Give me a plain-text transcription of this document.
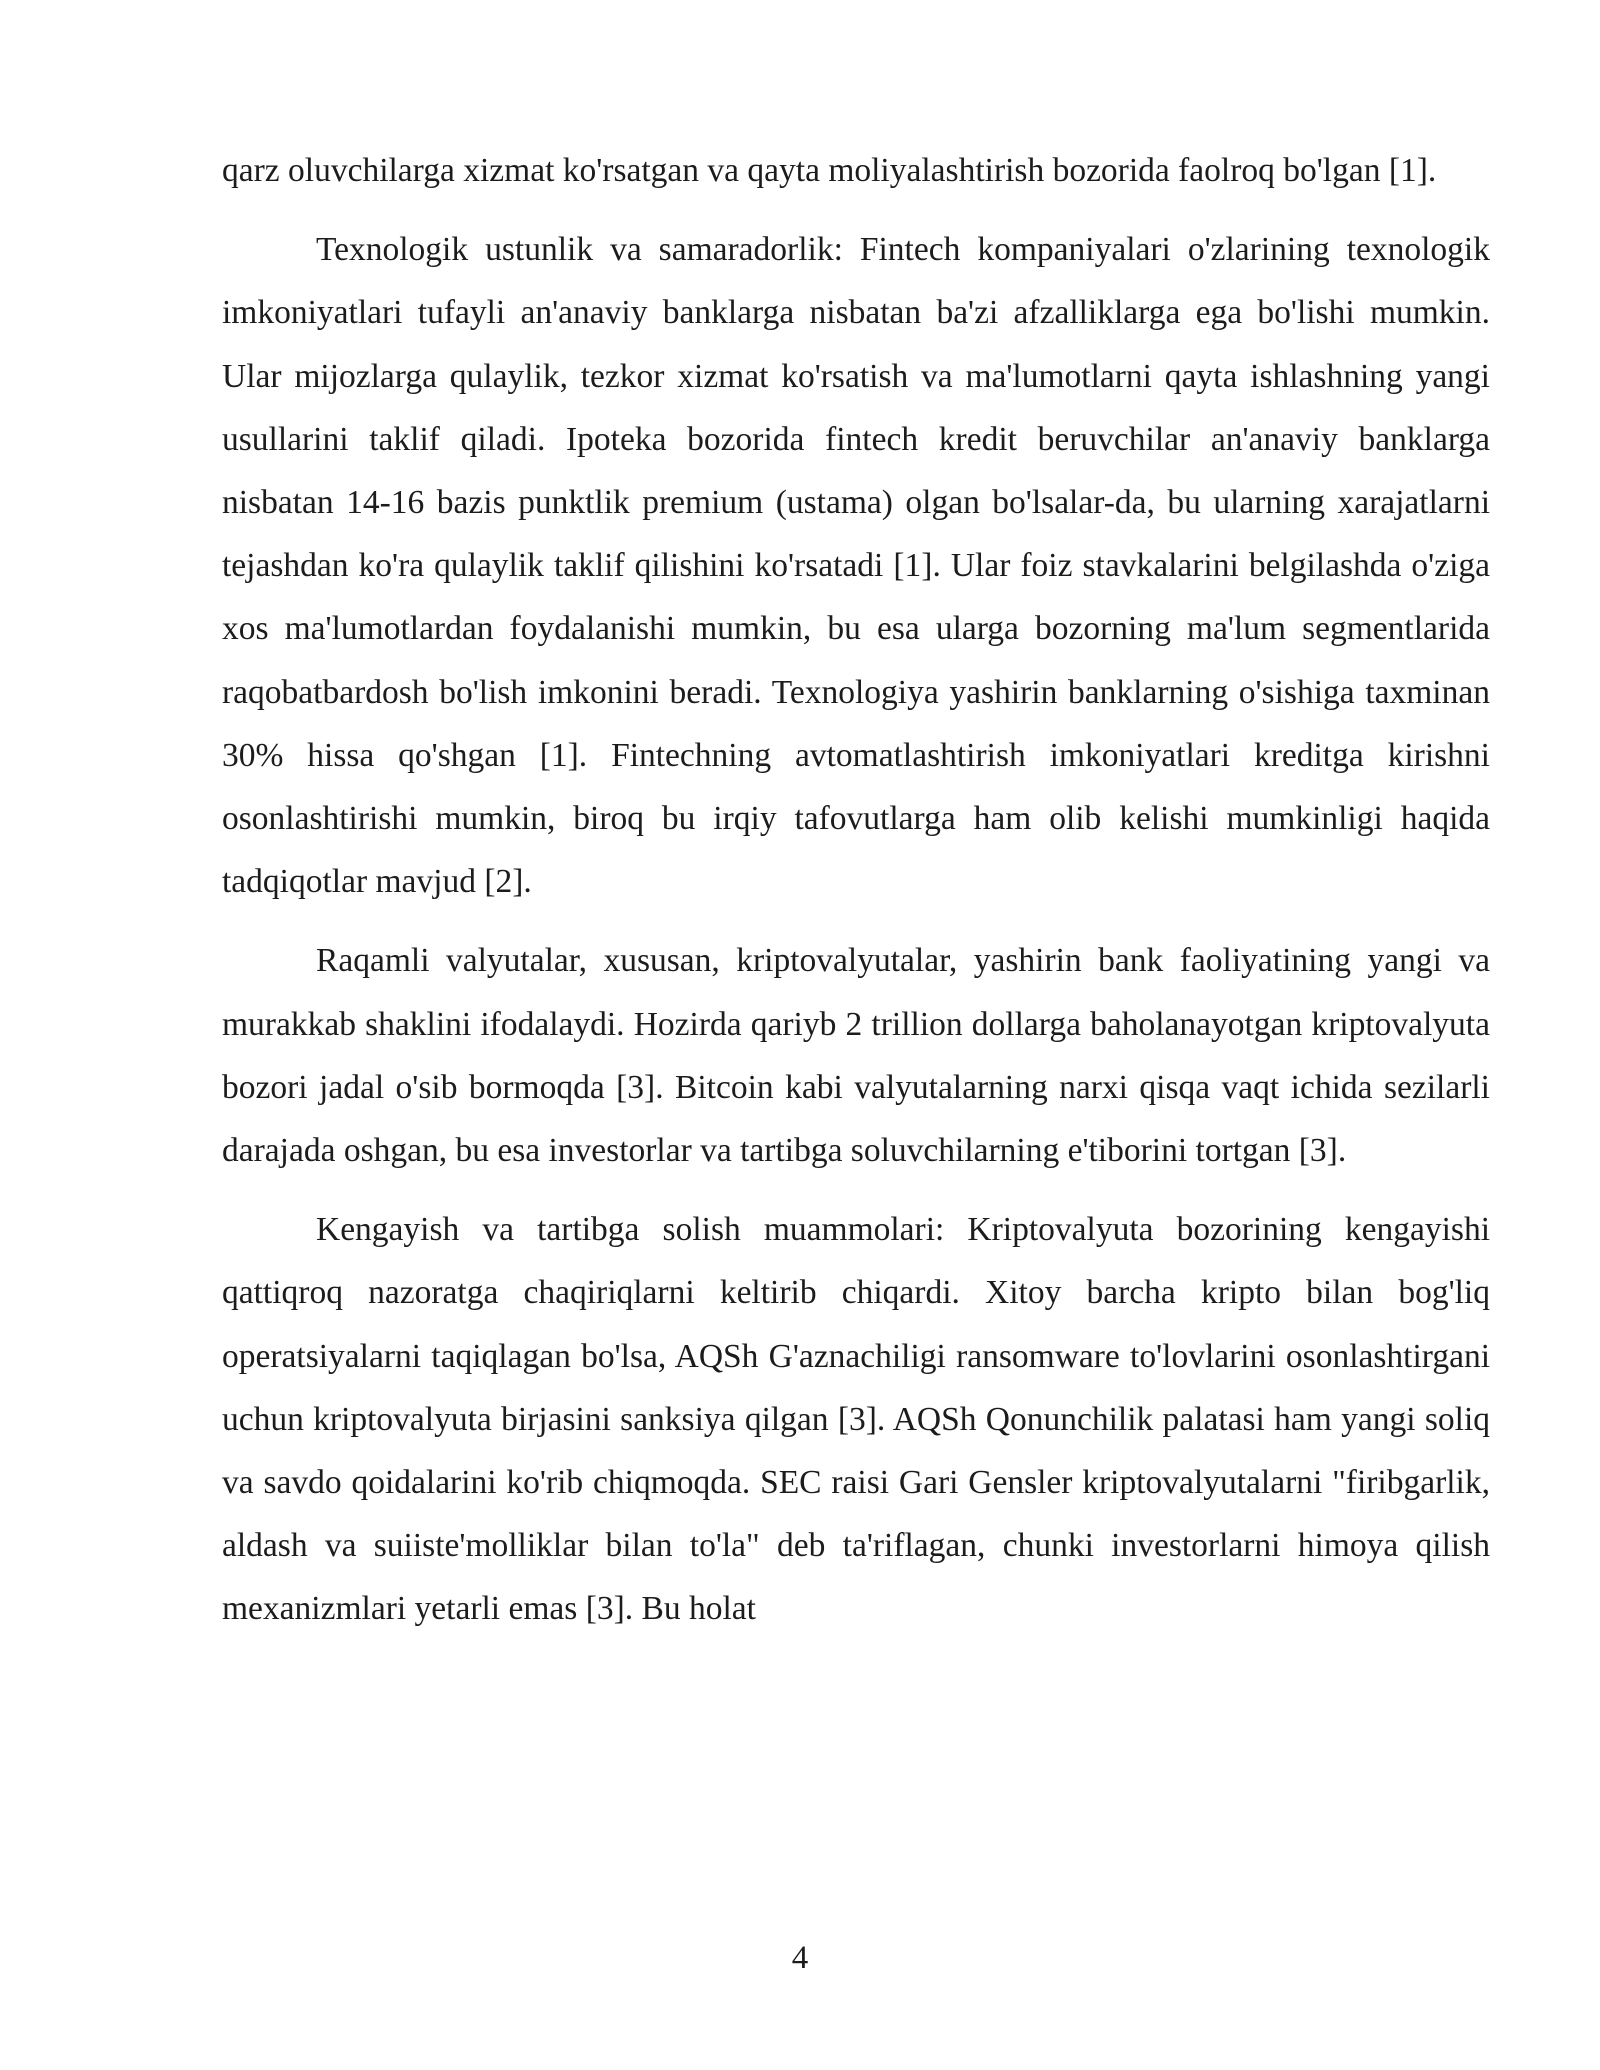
qarz oluvchilarga xizmat ko'rsatgan va qayta moliyalashtirish bozorida faolroq bo'lgan [1].

Texnologik ustunlik va samaradorlik: Fintech kompaniyalari o'zlarining texnologik imkoniyatlari tufayli an'anaviy banklarga nisbatan ba'zi afzalliklarga ega bo'lishi mumkin. Ular mijozlarga qulaylik, tezkor xizmat ko'rsatish va ma'lumotlarni qayta ishlashning yangi usullarini taklif qiladi. Ipoteka bozorida fintech kredit beruvchilar an'anaviy banklarga nisbatan 14-16 bazis punktlik premium (ustama) olgan bo'lsalar-da, bu ularning xarajatlarni tejashdan ko'ra qulaylik taklif qilishini ko'rsatadi [1]. Ular foiz stavkalarini belgilashda o'ziga xos ma'lumotlardan foydalanishi mumkin, bu esa ularga bozorning ma'lum segmentlarida raqobatbardosh bo'lish imkonini beradi. Texnologiya yashirin banklarning o'sishiga taxminan 30% hissa qo'shgan [1]. Fintechning avtomatlashtirish imkoniyatlari kreditga kirishni osonlashtirishi mumkin, biroq bu irqiy tafovutlarga ham olib kelishi mumkinligi haqida tadqiqotlar mavjud [2].

Raqamli valyutalar, xususan, kriptovalyutalar, yashirin bank faoliyatining yangi va murakkab shaklini ifodalaydi. Hozirda qariyb 2 trillion dollarga baholanayotgan kriptovalyuta bozori jadal o'sib bormoqda [3]. Bitcoin kabi valyutalarning narxi qisqa vaqt ichida sezilarli darajada oshgan, bu esa investorlar va tartibga soluvchilarning e'tiborini tortgan [3].

Kengayish va tartibga solish muammolari: Kriptovalyuta bozorining kengayishi qattiqroq nazoratga chaqiriqlarni keltirib chiqardi. Xitoy barcha kripto bilan bog'liq operatsiyalarni taqiqlagan bo'lsa, AQSh G'aznachiligi ransomware to'lovlarini osonlashtirgani uchun kriptovalyuta birjasini sanksiya qilgan [3]. AQSh Qonunchilik palatasi ham yangi soliq va savdo qoidalarini ko'rib chiqmoqda. SEC raisi Gari Gensler kriptovalyutalarni "firibgarlik, aldash va suiiste'molliklar bilan to'la" deb ta'riflagan, chunki investorlarni himoya qilish mexanizmlari yetarli emas [3]. Bu holat

4
